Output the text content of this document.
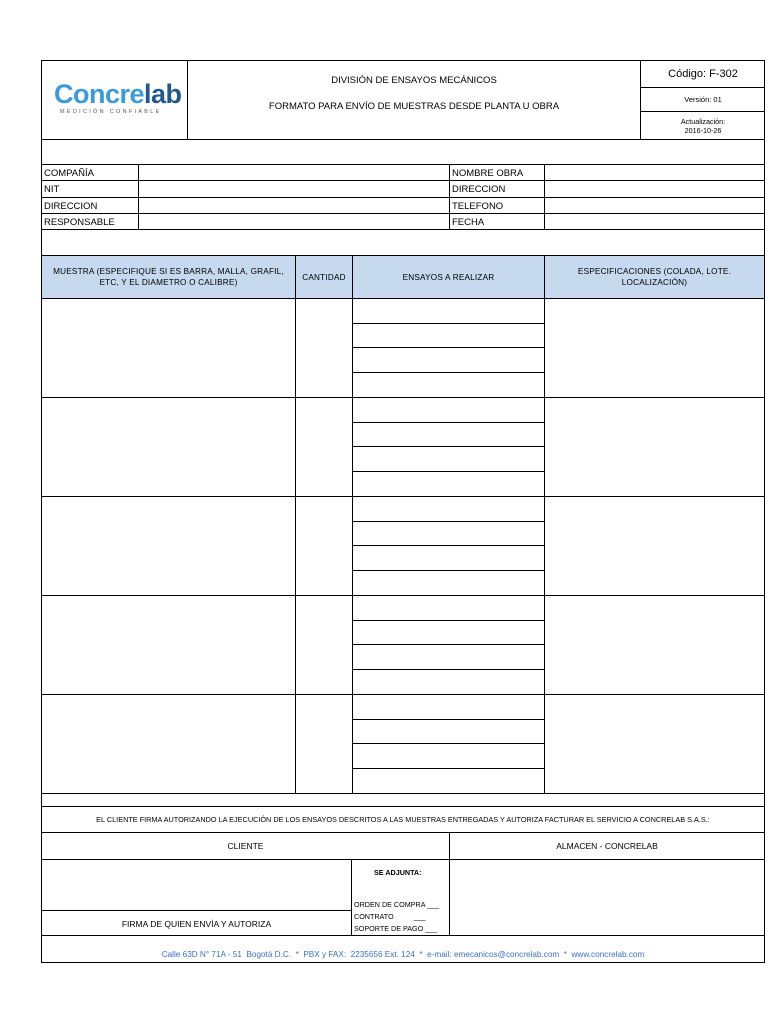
Concrelab
MEDICIÓN CONFIABLE
DIVISIÓN DE ENSAYOS MECÁNICOS
FORMATO PARA ENVÍO DE MUESTRAS DESDE PLANTA U OBRA
Código: F-302
Versión: 01
Actualización:
2016-10-26
COMPAÑÍA
NIT
DIRECCION
RESPONSABLE
NOMBRE OBRA
DIRECCION
TELEFONO
FECHA
MUESTRA (ESPECIFIQUE SI ES BARRA, MALLA, GRAFIL, ETC, Y EL DIAMETRO O CALIBRE)
CANTIDAD	ENSAYOS A REALIZAR
ESPECIFICACIONES (COLADA, LOTE. LOCALIZACIÓN)
EL CLIENTE FIRMA AUTORIZANDO LA EJECUCIÓN DE LOS ENSAYOS DESCRITOS A LAS MUESTRAS ENTREGADAS Y AUTORIZA FACTURAR EL SERVICIO A CONCRELAB S.A.S.:
CLIENTE	ALMACEN - CONCRELAB
SE ADJUNTA:
ORDEN DE COMPRA ___
CONTRATO          ___
SOPORTE DE PAGO ___
FIRMA DE QUIEN ENVÍA Y AUTORIZA
Calle 63D N° 71A - 51  Bogotá D.C.  *  PBX y FAX:  2235656 Ext. 124  *  e-mail: emecanicos@concrelab.com  *  www.concrelab.com
